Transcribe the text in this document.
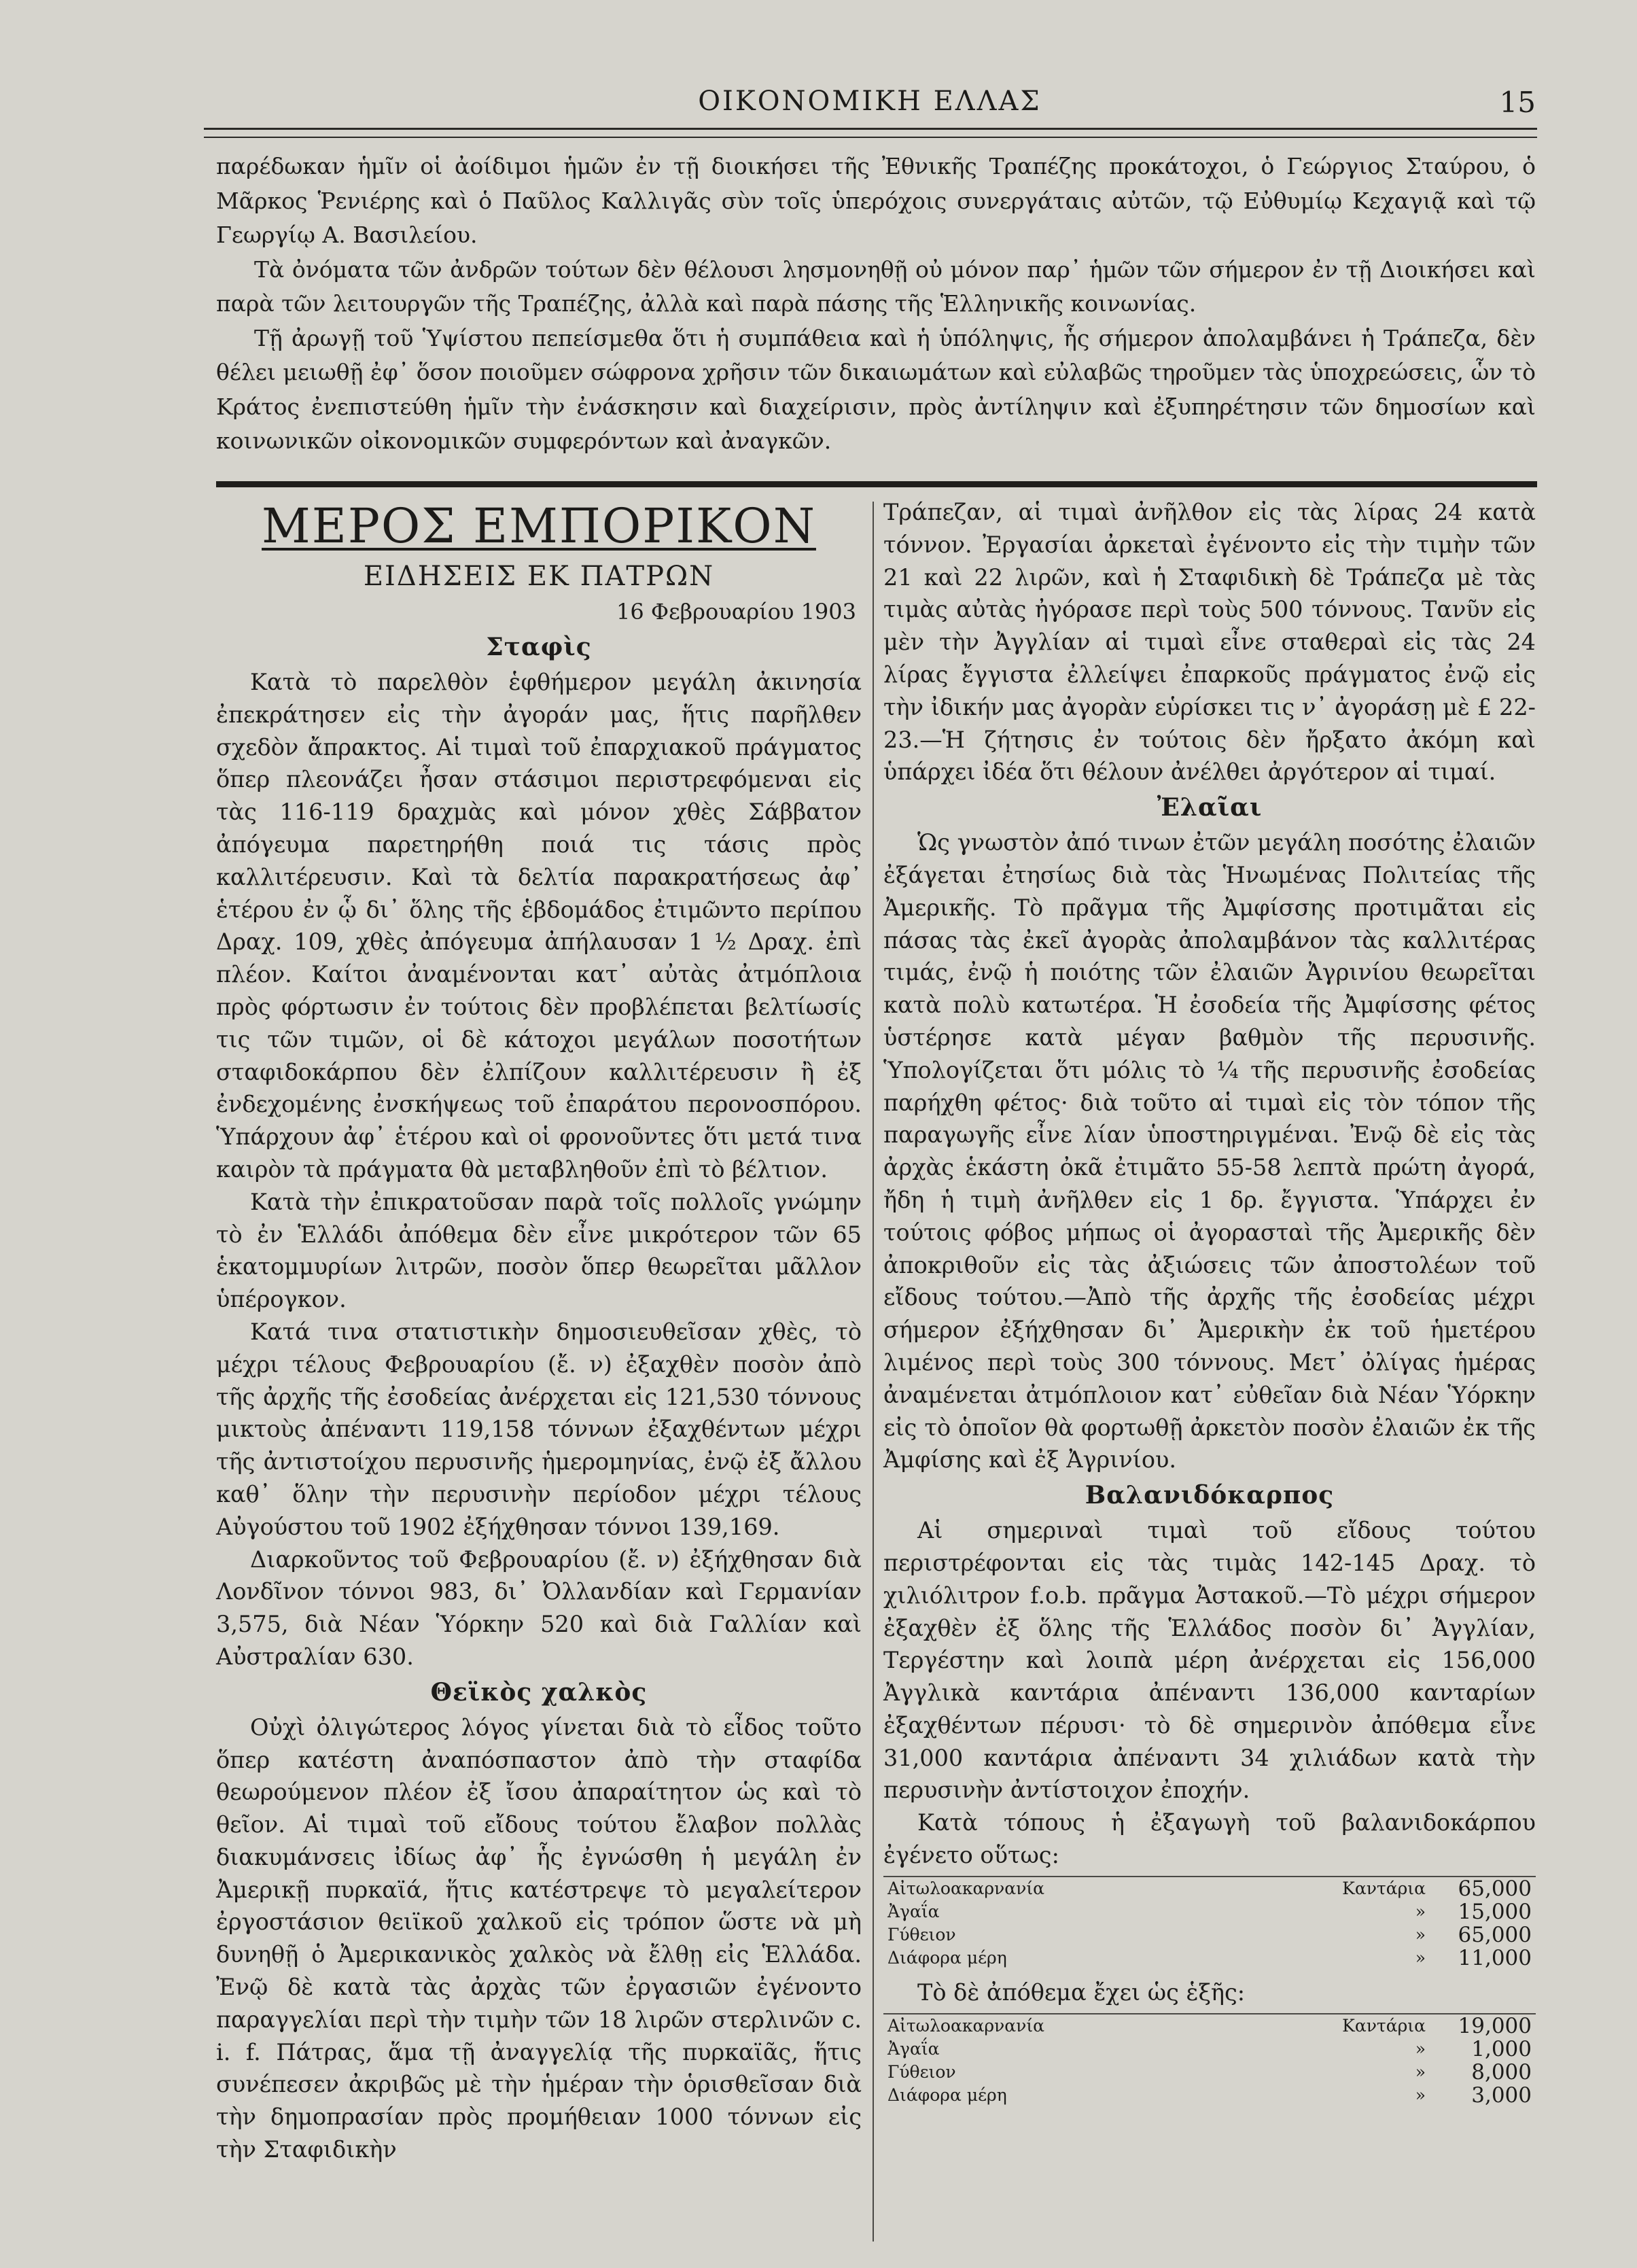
ΟΙΚΟΝΟΜΙΚΗ ΕΛΛΑΣ	15

παρέδωκαν ἡμῖν οἱ ἀοίδιμοι ἡμῶν ἐν τῇ διοικήσει τῆς Ἐθνικῆς Τραπέζης προκάτοχοι, ὁ Γεώργιος Σταύρου, ὁ Μᾶρκος Ῥενιέρης καὶ ὁ Παῦλος Καλλιγᾶς σὺν τοῖς ὑπερόχοις συνεργάταις αὐτῶν, τῷ Εὐθυμίῳ Κεχαγιᾷ καὶ τῷ Γεωργίῳ Α. Βασιλείου.

Τὰ ὀνόματα τῶν ἀνδρῶν τούτων δὲν θέλουσι λησμονηθῇ οὐ μόνον παρ᾽ ἡμῶν τῶν σήμερον ἐν τῇ Διοικήσει καὶ παρὰ τῶν λειτουργῶν τῆς Τραπέζης, ἀλλὰ καὶ παρὰ πάσης τῆς Ἑλληνικῆς κοινωνίας.

Τῇ ἀρωγῇ τοῦ Ὑψίστου πεπείσμεθα ὅτι ἡ συμπάθεια καὶ ἡ ὑπόληψις, ἧς σήμερον ἀπολαμβάνει ἡ Τράπεζα, δὲν θέλει μειωθῇ ἐφ᾽ ὅσον ποιοῦμεν σώφρονα χρῆσιν τῶν δικαιωμάτων καὶ εὐλαβῶς τηροῦμεν τὰς ὑποχρεώσεις, ὧν τὸ Κράτος ἐνεπιστεύθη ἡμῖν τὴν ἐνάσκησιν καὶ διαχείρισιν, πρὸς ἀντίληψιν καὶ ἐξυπηρέτησιν τῶν δημοσίων καὶ κοινωνικῶν οἰκονομικῶν συμφερόντων καὶ ἀναγκῶν.

ΜΕΡΟΣ ΕΜΠΟΡΙΚΟΝ
ΕΙΔΗΣΕΙΣ ΕΚ ΠΑΤΡΩΝ
16 Φεβρουαρίου 1903
Σταφὶς

Κατὰ τὸ παρελθὸν ἑφθήμερον μεγάλη ἀκινησία ἐπεκράτησεν εἰς τὴν ἀγοράν μας, ἥτις παρῆλθεν σχεδὸν ἄπρακτος. Αἱ τιμαὶ τοῦ ἐπαρχιακοῦ πράγματος ὅπερ πλεονάζει ἦσαν στάσιμοι περιστρεφόμεναι εἰς τὰς 116-119 δραχμὰς καὶ μόνον χθὲς Σάββατον ἀπόγευμα παρετηρήθη ποιά τις τάσις πρὸς καλλιτέρευσιν. Καὶ τὰ δελτία παρακρατήσεως ἀφ᾽ ἑτέρου ἐν ᾧ δι᾽ ὅλης τῆς ἑβδομάδος ἐτιμῶντο περίπου Δραχ. 109, χθὲς ἀπόγευμα ἀπήλαυσαν 1 ½ Δραχ. ἐπὶ πλέον. Καίτοι ἀναμένονται κατ᾽ αὐτὰς ἀτμόπλοια πρὸς φόρτωσιν ἐν τούτοις δὲν προβλέπεται βελτίωσίς τις τῶν τιμῶν, οἱ δὲ κάτοχοι μεγάλων ποσοτήτων σταφιδοκάρπου δὲν ἐλπίζουν καλλιτέρευσιν ἢ ἐξ ἐνδεχομένης ἐνσκήψεως τοῦ ἐπαράτου περονοσπόρου. Ὑπάρχουν ἀφ᾽ ἑτέρου καὶ οἱ φρονοῦντες ὅτι μετά τινα καιρὸν τὰ πράγματα θὰ μεταβληθοῦν ἐπὶ τὸ βέλτιον.

Κατὰ τὴν ἐπικρατοῦσαν παρὰ τοῖς πολλοῖς γνώμην τὸ ἐν Ἑλλάδι ἀπόθεμα δὲν εἶνε μικρότερον τῶν 65 ἑκατομμυρίων λιτρῶν, ποσὸν ὅπερ θεωρεῖται μᾶλλον ὑπέρογκον.

Κατά τινα στατιστικὴν δημοσιευθεῖσαν χθὲς, τὸ μέχρι τέλους Φεβρουαρίου (ἔ. ν) ἐξαχθὲν ποσὸν ἀπὸ τῆς ἀρχῆς τῆς ἐσοδείας ἀνέρχεται εἰς 121,530 τόννους μικτοὺς ἀπέναντι 119,158 τόννων ἐξαχθέντων μέχρι τῆς ἀντιστοίχου περυσινῆς ἡμερομηνίας, ἐνῷ ἐξ ἄλλου καθ᾽ ὅλην τὴν περυσινὴν περίοδον μέχρι τέλους Αὐγούστου τοῦ 1902 ἐξήχθησαν τόννοι 139,169.

Διαρκοῦντος τοῦ Φεβρουαρίου (ἔ. ν) ἐξήχθησαν διὰ Λονδῖνον τόννοι 983, δι᾽ Ὀλλανδίαν καὶ Γερμανίαν 3,575, διὰ Νέαν Ὑόρκην 520 καὶ διὰ Γαλλίαν καὶ Αὐστραλίαν 630.

Θεϊκὸς χαλκὸς

Οὐχὶ ὀλιγώτερος λόγος γίνεται διὰ τὸ εἶδος τοῦτο ὅπερ κατέστη ἀναπόσπαστον ἀπὸ τὴν σταφίδα θεωρούμενον πλέον ἐξ ἴσου ἀπαραίτητον ὡς καὶ τὸ θεῖον. Αἱ τιμαὶ τοῦ εἴδους τούτου ἔλαβον πολλὰς διακυμάνσεις ἰδίως ἀφ᾽ ἧς ἐγνώσθη ἡ μεγάλη ἐν Ἀμερικῇ πυρκαϊά, ἥτις κατέστρεψε τὸ μεγαλείτερον ἐργοστάσιον θειϊκοῦ χαλκοῦ εἰς τρόπον ὥστε νὰ μὴ δυνηθῇ ὁ Ἀμερικανικὸς χαλκὸς νὰ ἔλθῃ εἰς Ἑλλάδα. Ἐνῷ δὲ κατὰ τὰς ἀρχὰς τῶν ἐργασιῶν ἐγένοντο παραγγελίαι περὶ τὴν τιμὴν τῶν 18 λιρῶν στερλινῶν c. i. f. Πάτρας, ἅμα τῇ ἀναγγελίᾳ τῆς πυρκαϊᾶς, ἥτις συνέπεσεν ἀκριβῶς μὲ τὴν ἡμέραν τὴν ὁρισθεῖσαν διὰ τὴν δημοπρασίαν πρὸς προμήθειαν 1000 τόννων εἰς τὴν Σταφιδικὴν

Τράπεζαν, αἱ τιμαὶ ἀνῆλθον εἰς τὰς λίρας 24 κατὰ τόννον. Ἐργασίαι ἀρκεταὶ ἐγένοντο εἰς τὴν τιμὴν τῶν 21 καὶ 22 λιρῶν, καὶ ἡ Σταφιδικὴ δὲ Τράπεζα μὲ τὰς τιμὰς αὐτὰς ἠγόρασε περὶ τοὺς 500 τόννους. Τανῦν εἰς μὲν τὴν Ἀγγλίαν αἱ τιμαὶ εἶνε σταθεραὶ εἰς τὰς 24 λίρας ἔγγιστα ἐλλείψει ἐπαρκοῦς πράγματος ἐνῷ εἰς τὴν ἰδικήν μας ἀγορὰν εὑρίσκει τις ν᾽ ἀγοράσῃ μὲ £ 22-23.—Ἡ ζήτησις ἐν τούτοις δὲν ἤρξατο ἀκόμη καὶ ὑπάρχει ἰδέα ὅτι θέλουν ἀνέλθει ἀργότερον αἱ τιμαί.

Ἐλαῖαι

Ὡς γνωστὸν ἀπό τινων ἐτῶν μεγάλη ποσότης ἐλαιῶν ἐξάγεται ἐτησίως διὰ τὰς Ἡνωμένας Πολιτείας τῆς Ἀμερικῆς. Τὸ πρᾶγμα τῆς Ἀμφίσσης προτιμᾶται εἰς πάσας τὰς ἐκεῖ ἀγορὰς ἀπολαμβάνον τὰς καλλιτέρας τιμάς, ἐνῷ ἡ ποιότης τῶν ἐλαιῶν Ἀγρινίου θεωρεῖται κατὰ πολὺ κατωτέρα. Ἡ ἐσοδεία τῆς Ἀμφίσσης φέτος ὑστέρησε κατὰ μέγαν βαθμὸν τῆς περυσινῆς. Ὑπολογίζεται ὅτι μόλις τὸ ¼ τῆς περυσινῆς ἐσοδείας παρήχθη φέτος· διὰ τοῦτο αἱ τιμαὶ εἰς τὸν τόπον τῆς παραγωγῆς εἶνε λίαν ὑποστηριγμέναι. Ἐνῷ δὲ εἰς τὰς ἀρχὰς ἑκάστη ὀκᾶ ἐτιμᾶτο 55-58 λεπτὰ πρώτη ἀγορά, ἤδη ἡ τιμὴ ἀνῆλθεν εἰς 1 δρ. ἔγγιστα. Ὑπάρχει ἐν τούτοις φόβος μήπως οἱ ἀγορασταὶ τῆς Ἀμερικῆς δὲν ἀποκριθοῦν εἰς τὰς ἀξιώσεις τῶν ἀποστολέων τοῦ εἴδους τούτου.—Ἀπὸ τῆς ἀρχῆς τῆς ἐσοδείας μέχρι σήμερον ἐξήχθησαν δι᾽ Ἀμερικὴν ἐκ τοῦ ἡμετέρου λιμένος περὶ τοὺς 300 τόννους. Μετ᾽ ὀλίγας ἡμέρας ἀναμένεται ἀτμόπλοιον κατ᾽ εὐθεῖαν διὰ Νέαν Ὑόρκην εἰς τὸ ὁποῖον θὰ φορτωθῇ ἀρκετὸν ποσὸν ἐλαιῶν ἐκ τῆς Ἀμφίσης καὶ ἐξ Ἀγρινίου.

Βαλανιδόκαρπος

Αἱ σημεριναὶ τιμαὶ τοῦ εἴδους τούτου περιστρέφονται εἰς τὰς τιμὰς 142-145 Δραχ. τὸ χιλιόλιτρον f.o.b. πρᾶγμα Ἀστακοῦ.—Τὸ μέχρι σήμερον ἐξαχθὲν ἐξ ὅλης τῆς Ἑλλάδος ποσὸν δι᾽ Ἀγγλίαν, Τεργέστην καὶ λοιπὰ μέρη ἀνέρχεται εἰς 156,000 Ἀγγλικὰ καντάρια ἀπέναντι 136,000 κανταρίων ἐξαχθέντων πέρυσι· τὸ δὲ σημερινὸν ἀπόθεμα εἶνε 31,000 καντάρια ἀπέναντι 34 χιλιάδων κατὰ τὴν περυσινὴν ἀντίστοιχον ἐποχήν.

Κατὰ τόπους ἡ ἐξαγωγὴ τοῦ βαλανιδοκάρπου ἐγένετο οὕτως:

Αἰτωλοακαρνανία	Καντάρια	65,000
Ἀγαΐα	»	15,000
Γύθειον	»	65,000
Διάφορα μέρη	»	11,000

Τὸ δὲ ἀπόθεμα ἔχει ὡς ἑξῆς:

Αἰτωλοακαρνανία	Καντάρια	19,000
Ἀγαΐα	»	1,000
Γύθειον	»	8,000
Διάφορα μέρη	»	3,000
